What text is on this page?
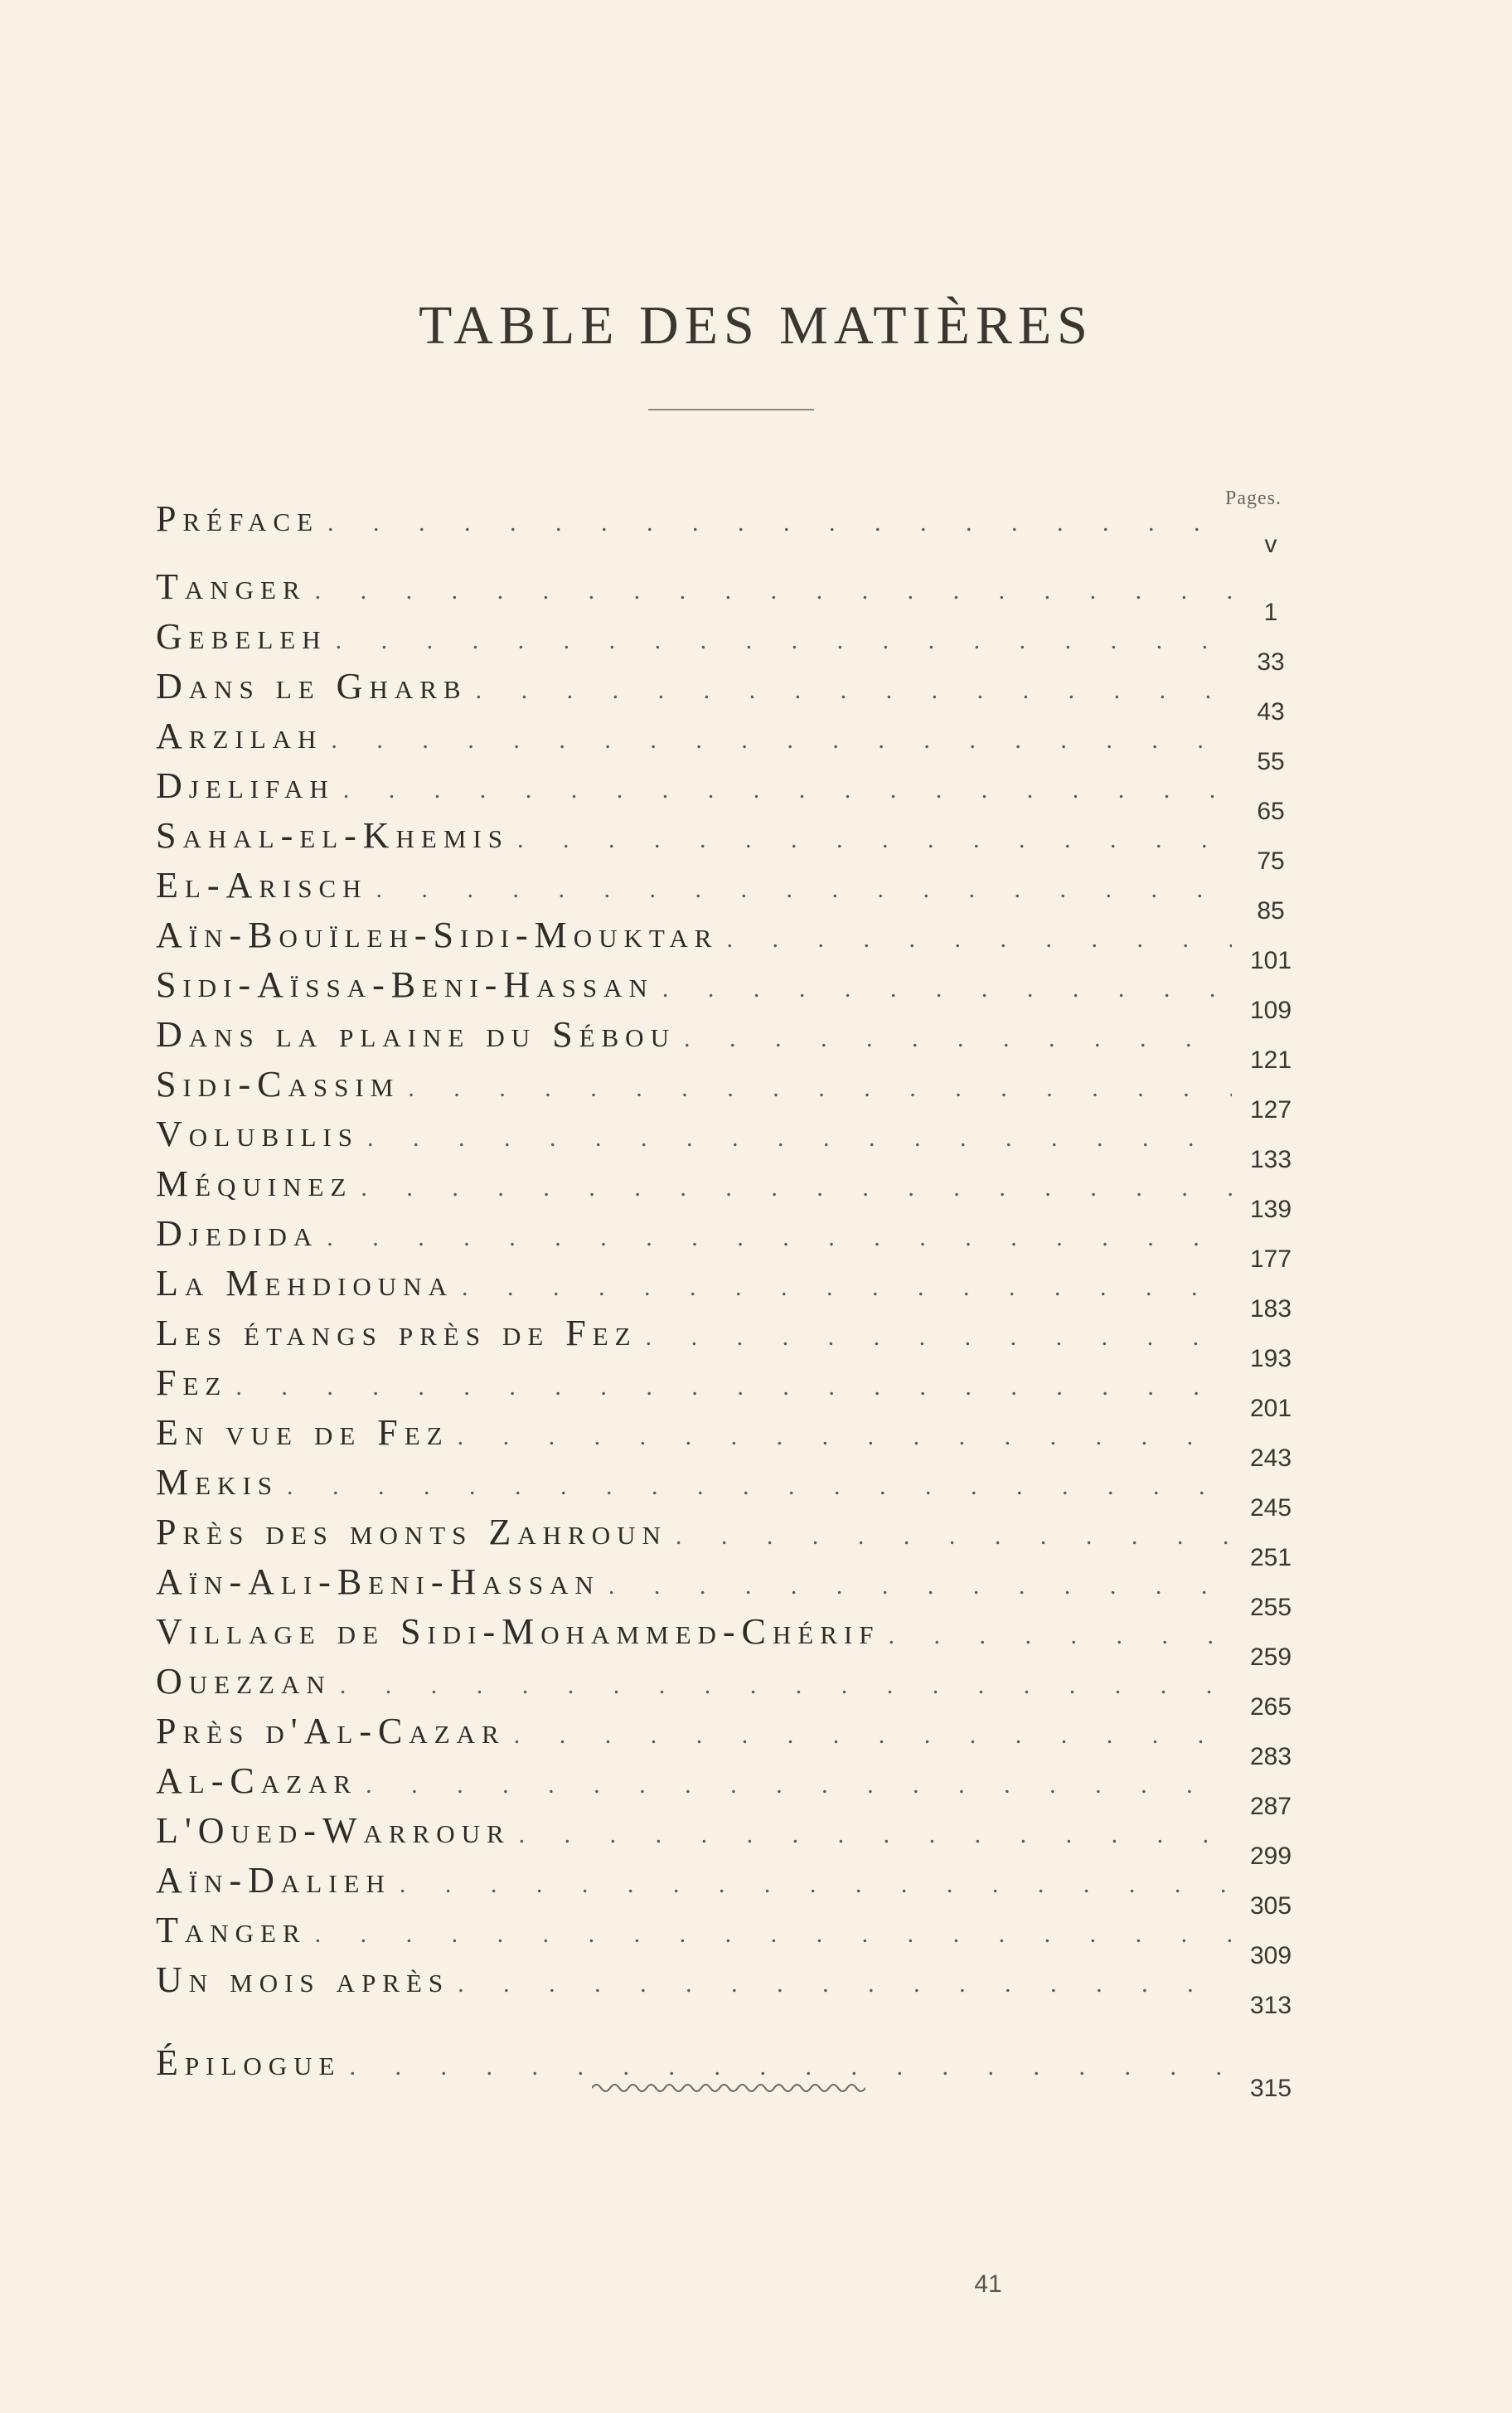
TABLE DES MATIÈRES
Pages.
Préface
. . .
v
Tanger
. . .
1
Gebeleh
. . .
33
Dans le Gharb
. . .
43
Arzilah
. . .
55
Djelifah
. . .
65
Sahal-el-Khemis
. . .
75
El-Arisch
. . .
85
Aïn-Bouïleh-Sidi-Mouktar
. . .
101
Sidi-Aïssa-Beni-Hassan
. . .
109
Dans la plaine du Sébou
. . .
121
Sidi-Cassim
. . .
127
Volubilis
. . .
133
Méquinez
. . .
139
Djedida
. . .
177
La Mehdiouna
. . .
183
Les étangs près de Fez
. . .
193
Fez
. . .
201
En vue de Fez
. . .
243
Mekis
. . .
245
Près des monts Zahroun
. . .
251
Aïn-Ali-Beni-Hassan
. . .
255
Village de Sidi-Mohammed-Chérif
. . .
259
Ouezzan
. . .
265
Près d'Al-Cazar
. . .
283
Al-Cazar
. . .
287
L'Oued-Warrour
. . .
299
Aïn-Dalieh
. . .
305
Tanger
. . .
309
Un mois après
. . .
313
Épilogue
. . .
315
41
